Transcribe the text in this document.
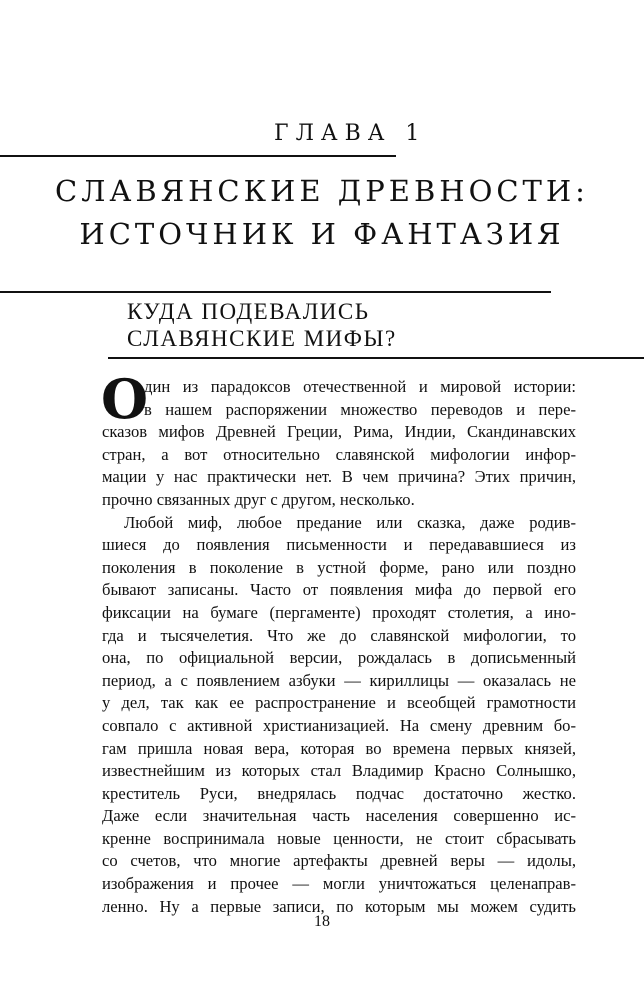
ГЛАВА 1
СЛАВЯНСКИЕ ДРЕВНОСТИ:
ИСТОЧНИК И ФАНТАЗИЯ
КУДА ПОДЕВАЛИСЬ
СЛАВЯНСКИЕ МИФЫ?
О
дин из парадоксов отечественной и мировой истории:
в нашем распоряжении множество переводов и пере-
сказов мифов Древней Греции, Рима, Индии, Скандинавских
стран, а вот относительно славянской мифологии инфор-
мации у нас практически нет. В чем причина? Этих причин,
прочно связанных друг с другом, несколько.
Любой миф, любое предание или сказка, даже родив-
шиеся до появления письменности и передававшиеся из
поколения в поколение в устной форме, рано или поздно
бывают записаны. Часто от появления мифа до первой его
фиксации на бумаге (пергаменте) проходят столетия, а ино-
гда и тысячелетия. Что же до славянской мифологии, то
она, по официальной версии, рождалась в дописьменный
период, а с появлением азбуки — кириллицы — оказалась не
у дел, так как ее распространение и всеобщей грамотности
совпало с активной христианизацией. На смену древним бо-
гам пришла новая вера, которая во времена первых князей,
известнейшим из которых стал Владимир Красно Солнышко,
креститель Руси, внедрялась подчас достаточно жестко.
Даже если значительная часть населения совершенно ис-
кренне воспринимала новые ценности, не стоит сбрасывать
со счетов, что многие артефакты древней веры — идолы,
изображения и прочее — могли уничтожаться целенаправ-
ленно. Ну а первые записи, по которым мы можем судить
18
